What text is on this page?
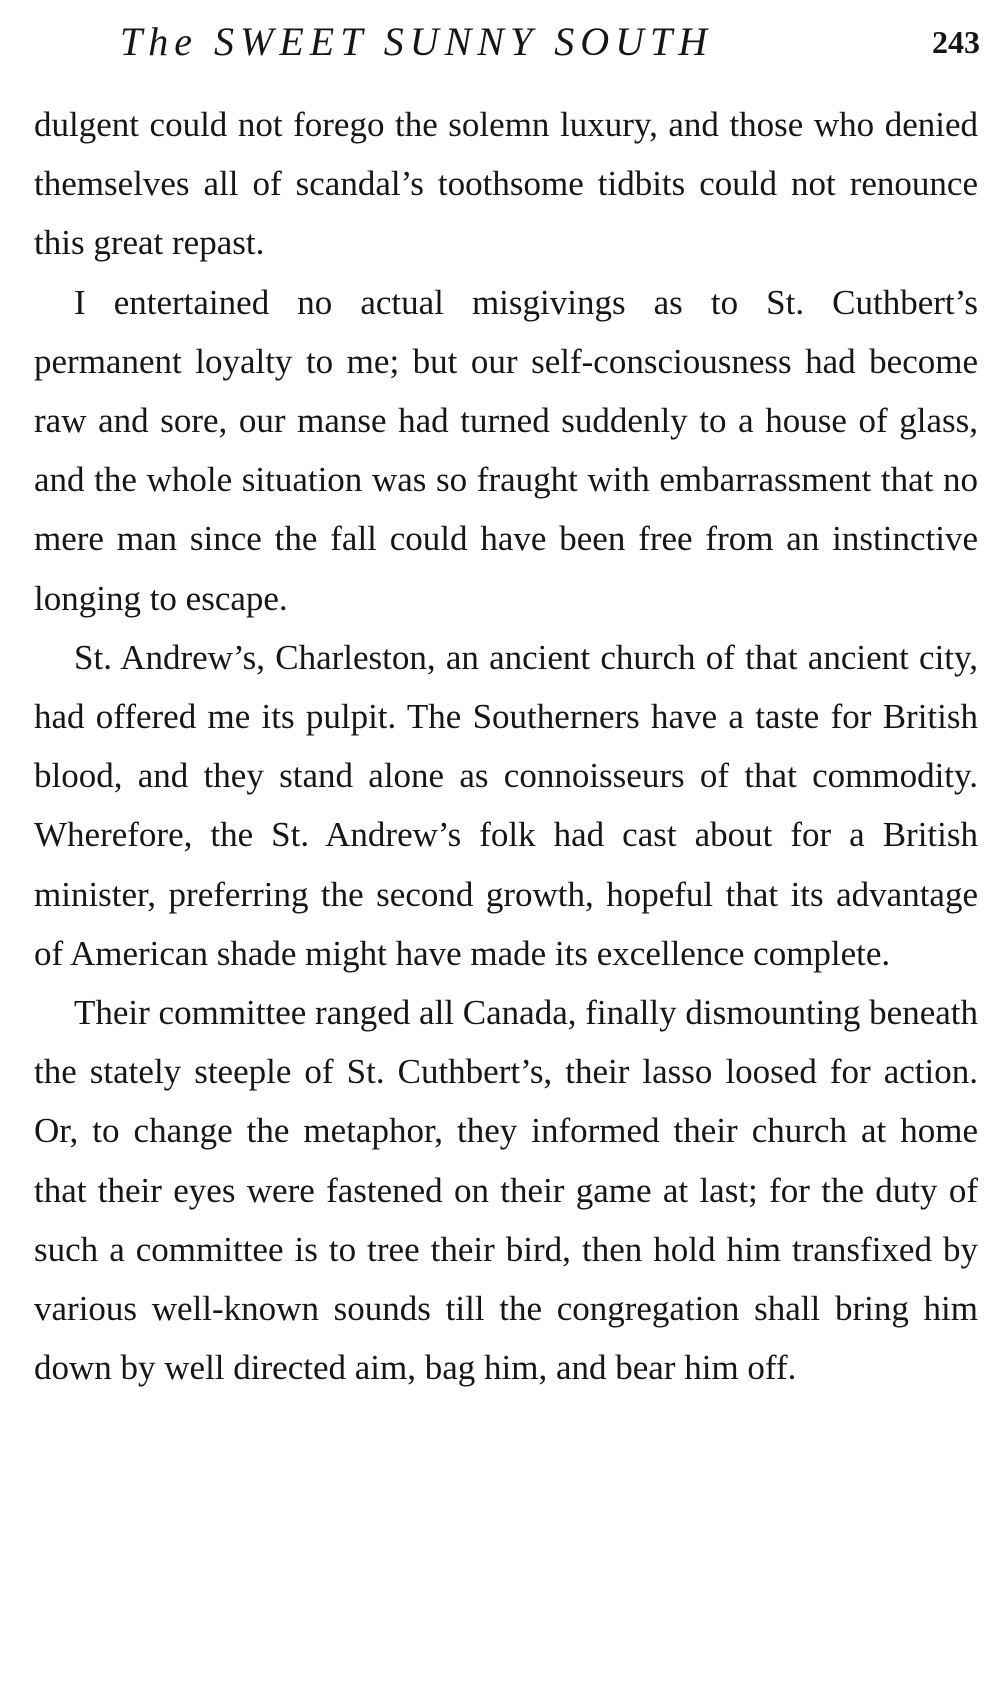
The SWEET SUNNY SOUTH	243

dulgent could not forego the solemn luxury, and those who denied themselves all of scandal’s toothsome tidbits could not renounce this great repast.

I entertained no actual misgivings as to St. Cuthbert’s permanent loyalty to me; but our self-consciousness had become raw and sore, our manse had turned suddenly to a house of glass, and the whole situation was so fraught with embarrassment that no mere man since the fall could have been free from an instinctive longing to escape.

St. Andrew’s, Charleston, an ancient church of that ancient city, had offered me its pulpit. The Southerners have a taste for British blood, and they stand alone as connoisseurs of that commodity. Wherefore, the St. Andrew’s folk had cast about for a British minister, preferring the second growth, hopeful that its advantage of American shade might have made its excellence complete.

Their committee ranged all Canada, finally dismounting beneath the stately steeple of St. Cuthbert’s, their lasso loosed for action. Or, to change the metaphor, they informed their church at home that their eyes were fastened on their game at last; for the duty of such a committee is to tree their bird, then hold him transfixed by various well-known sounds till the congregation shall bring him down by well directed aim, bag him, and bear him off.
